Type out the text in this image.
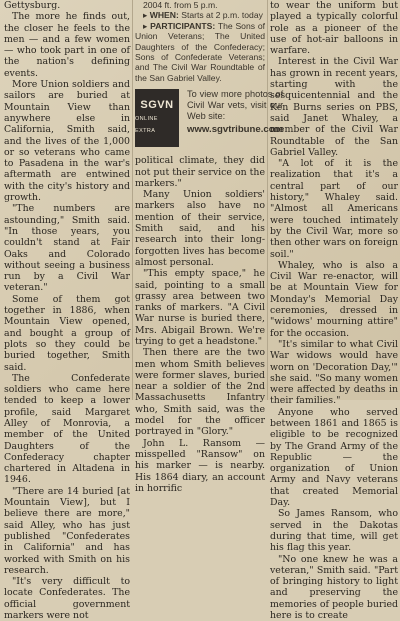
Gettysburg.

The more he finds out, the closer he feels to the men — and a few women — who took part in one of the nation's defining events.

More Union soldiers and sailors are buried at Mountain View than anywhere else in California, Smith said, and the lives of the 1,000 or so veterans who came to Pasadena in the war's aftermath are entwined with the city's history and growth.

"The numbers are astounding," Smith said. "In those years, you couldn't stand at Fair Oaks and Colorado without seeing a business run by a Civil War veteran."

Some of them got together in 1886, when Mountain View opened, and bought a group of plots so they could be buried together, Smith said.

The Confederate soldiers who came here tended to keep a lower profile, said Margaret Alley of Monrovia, a member of the United Daughters of the Confederacy chapter chartered in Altadena in 1946.

"There are 14 buried [at Mountain View], but I believe there are more," said Alley, who has just published "Confederates in California" and has worked with Smith on his research.

"It's very difficult to locate Confederates. The official government markers were not

2004 ft. from 5 p.m.

▸ WHEN: Starts at 2 p.m. today

▸ PARTICIPANTS: The Sons of Union Veterans; The United Daughters of the Confederacy; Sons of Confederate Veterans; and The Civil War Roundtable of the San Gabriel Valley.

SGVN
ONLINE EXTRA
To view more photos of Civil War vets, visit our Web site:
www.sgvtribune.com

political climate, they did not put their service on the markers."

Many Union soldiers' markers also have no mention of their service, Smith said, and his research into their long-forgotten lives has become almost personal.

"This empty space," he said, pointing to a small grassy area between two ranks of markers. "A Civil War nurse is buried there, Mrs. Abigail Brown. We're trying to get a headstone."

Then there are the two men whom Smith believes were former slaves, buried near a soldier of the 2nd Massachusetts Infantry who, Smith said, was the model for the officer portrayed in "Glory."

John L. Ransom — misspelled "Ransow" on his marker — is nearby. His 1864 diary, an account in horrific

to wear the uniform but played a typically colorful role as a pioneer of the use of hot-air balloons in warfare.

Interest in the Civil War has grown in recent years, starting with the sesquicentennial and the Ken Burns series on PBS, said Janet Whaley, a member of the Civil War Roundtable of the San Gabriel Valley.

"A lot of it is the realization that it's a central part of our history," Whaley said. "Almost all Americans were touched intimately by the Civil War, more so then other wars on foreign soil."

Whaley, who is also a Civil War re-enactor, will be at Mountain View for Monday's Memorial Day ceremonies, dressed in "widows' mourning attire" for the occasion.

"It's similar to what Civil War widows would have worn on 'Decoration Day,'" she said. "So many women were affected by deaths in their families."

Anyone who served between 1861 and 1865 is eligible to be recognized by The Grand Army of the Republic — the organization of Union Army and Navy veterans that created Memorial Day.

So James Ransom, who served in the Dakotas during that time, will get his flag this year.

"No one knew he was a veteran," Smith said. "Part of bringing history to light and preserving the memories of people buried here is to create
